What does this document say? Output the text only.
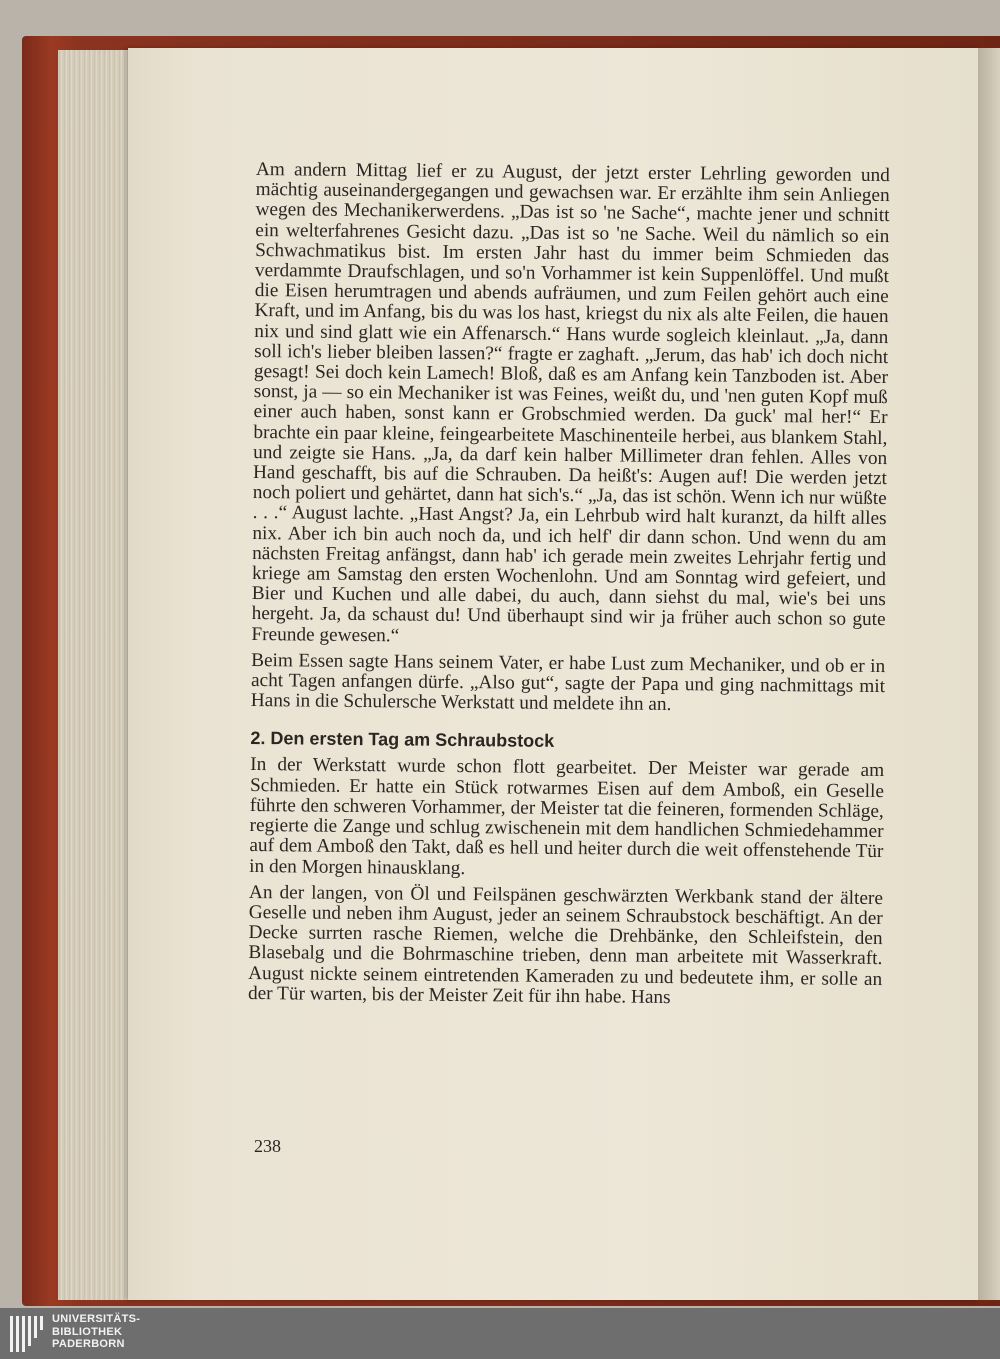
Am andern Mittag lief er zu August, der jetzt erster Lehrling geworden und mächtig auseinandergegangen und gewachsen war. Er erzählte ihm sein Anliegen wegen des Mechanikerwerdens. „Das ist so 'ne Sache“, machte jener und schnitt ein welterfahrenes Gesicht dazu. „Das ist so 'ne Sache. Weil du nämlich so ein Schwachmatikus bist. Im ersten Jahr hast du immer beim Schmieden das verdammte Draufschlagen, und so'n Vorhammer ist kein Suppenlöffel. Und mußt die Eisen herumtragen und abends aufräumen, und zum Feilen gehört auch eine Kraft, und im Anfang, bis du was los hast, kriegst du nix als alte Feilen, die hauen nix und sind glatt wie ein Affenarsch.“ Hans wurde sogleich kleinlaut. „Ja, dann soll ich's lieber bleiben lassen?“ fragte er zaghaft. „Jerum, das hab' ich doch nicht gesagt! Sei doch kein Lamech! Bloß, daß es am Anfang kein Tanzboden ist. Aber sonst, ja — so ein Mechaniker ist was Feines, weißt du, und 'nen guten Kopf muß einer auch haben, sonst kann er Grobschmied werden. Da guck' mal her!“ Er brachte ein paar kleine, feingearbeitete Maschinenteile herbei, aus blankem Stahl, und zeigte sie Hans. „Ja, da darf kein halber Millimeter dran fehlen. Alles von Hand geschafft, bis auf die Schrauben. Da heißt's: Augen auf! Die werden jetzt noch poliert und gehärtet, dann hat sich's.“ „Ja, das ist schön. Wenn ich nur wüßte . . .“ August lachte. „Hast Angst? Ja, ein Lehrbub wird halt kuranzt, da hilft alles nix. Aber ich bin auch noch da, und ich helf' dir dann schon. Und wenn du am nächsten Freitag anfängst, dann hab' ich gerade mein zweites Lehrjahr fertig und kriege am Samstag den ersten Wochenlohn. Und am Sonntag wird gefeiert, und Bier und Kuchen und alle dabei, du auch, dann siehst du mal, wie's bei uns hergeht. Ja, da schaust du! Und überhaupt sind wir ja früher auch schon so gute Freunde gewesen.“

Beim Essen sagte Hans seinem Vater, er habe Lust zum Mechaniker, und ob er in acht Tagen anfangen dürfe. „Also gut“, sagte der Papa und ging nachmittags mit Hans in die Schulersche Werkstatt und meldete ihn an.

2. Den ersten Tag am Schraubstock

In der Werkstatt wurde schon flott gearbeitet. Der Meister war gerade am Schmieden. Er hatte ein Stück rotwarmes Eisen auf dem Amboß, ein Geselle führte den schweren Vorhammer, der Meister tat die feineren, formenden Schläge, regierte die Zange und schlug zwischenein mit dem handlichen Schmiedehammer auf dem Amboß den Takt, daß es hell und heiter durch die weit offenstehende Tür in den Morgen hinausklang.

An der langen, von Öl und Feilspänen geschwärzten Werkbank stand der ältere Geselle und neben ihm August, jeder an seinem Schraubstock beschäftigt. An der Decke surrten rasche Riemen, welche die Drehbänke, den Schleifstein, den Blasebalg und die Bohrmaschine trieben, denn man arbeitete mit Wasserkraft. August nickte seinem eintretenden Kameraden zu und bedeutete ihm, er solle an der Tür warten, bis der Meister Zeit für ihn habe. Hans

238
UNIVERSITÄTS-
BIBLIOTHEK
PADERBORN
